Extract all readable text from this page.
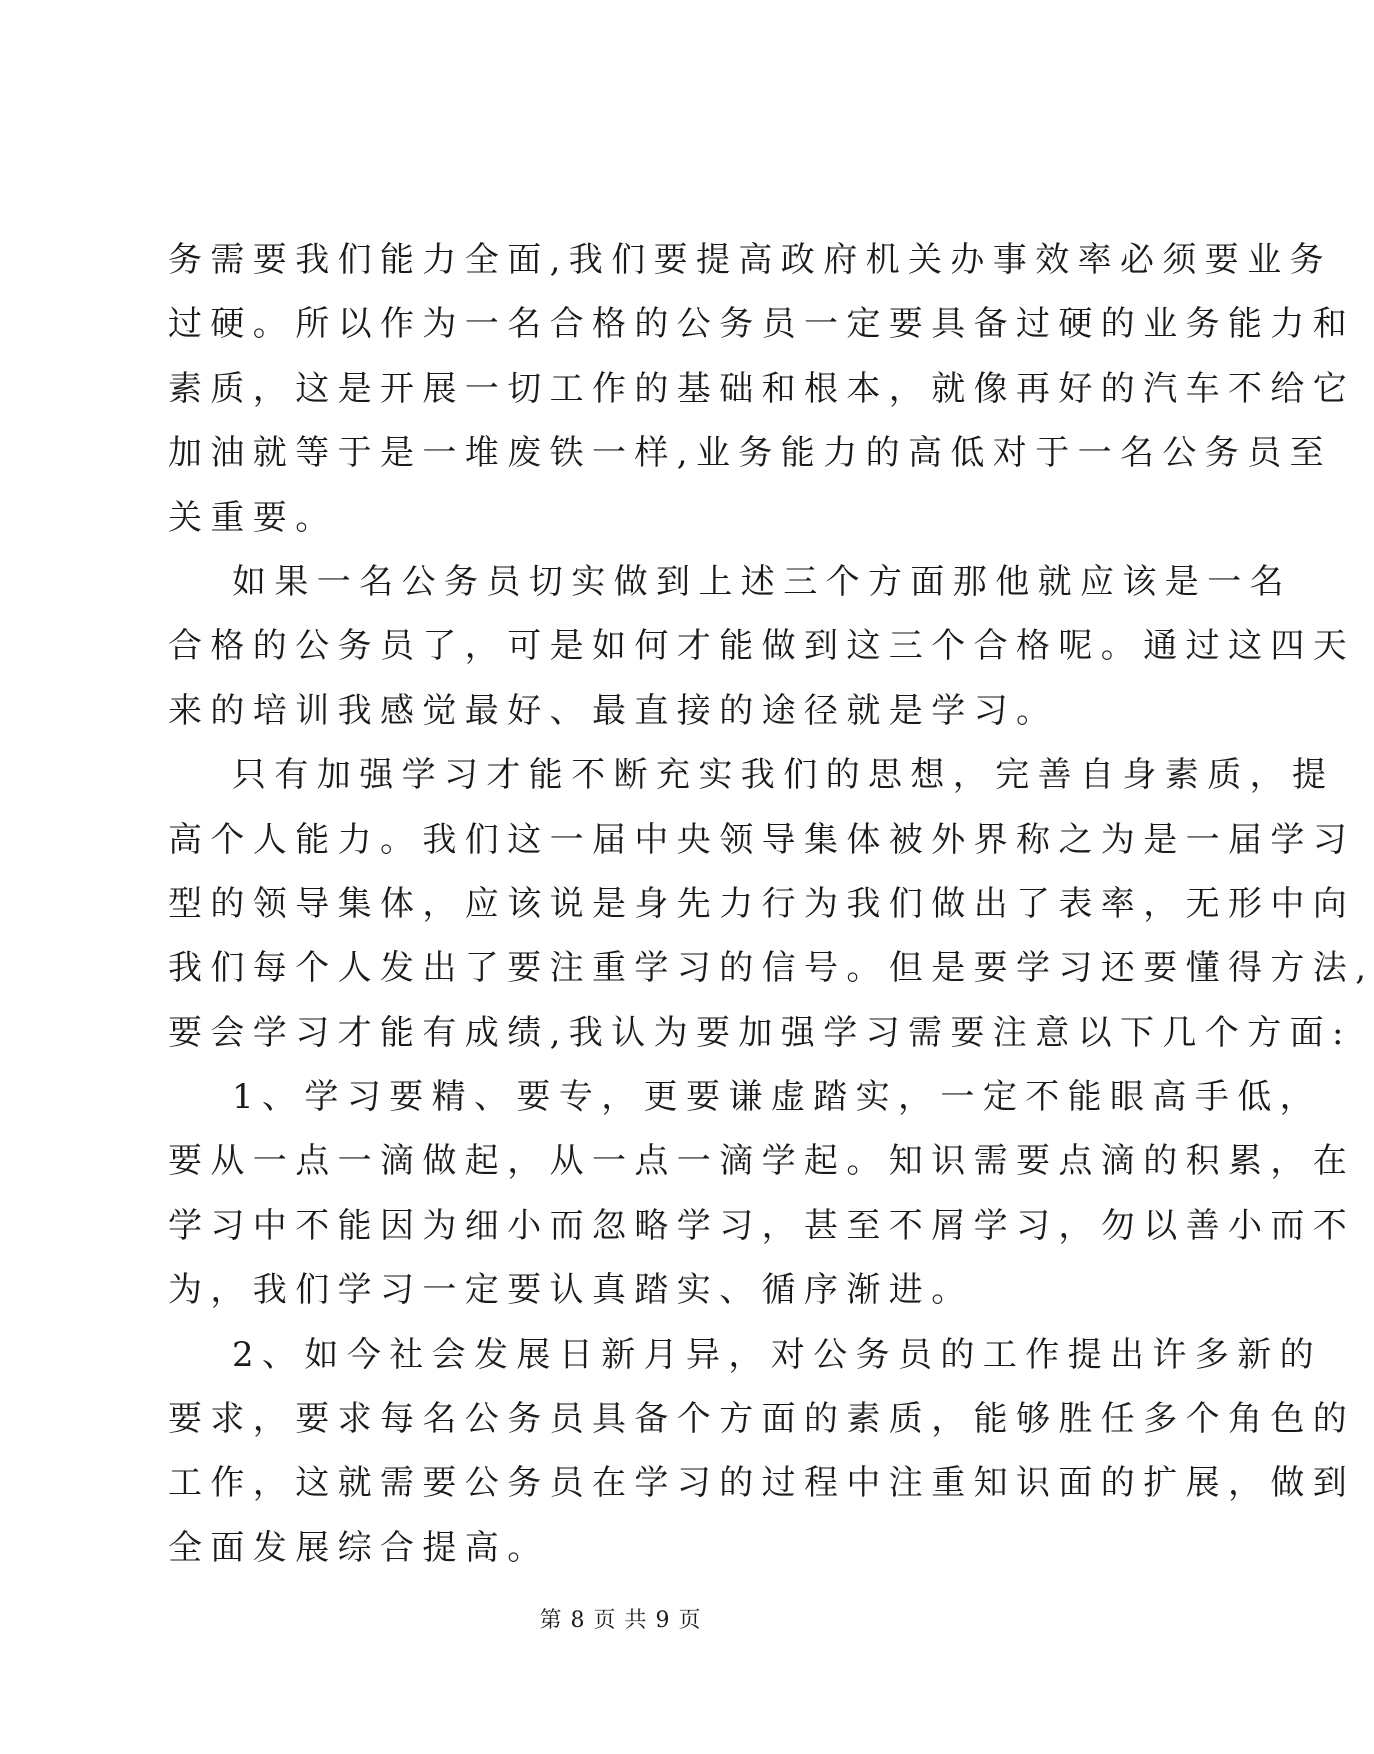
务需要我们能力全面,我们要提高政府机关办事效率必须要业务
过硬。所以作为一名合格的公务员一定要具备过硬的业务能力和
素质，这是开展一切工作的基础和根本，就像再好的汽车不给它
加油就等于是一堆废铁一样,业务能力的高低对于一名公务员至
关重要。
如果一名公务员切实做到上述三个方面那他就应该是一名
合格的公务员了，可是如何才能做到这三个合格呢。通过这四天
来的培训我感觉最好、最直接的途径就是学习。
只有加强学习才能不断充实我们的思想，完善自身素质，提
高个人能力。我们这一届中央领导集体被外界称之为是一届学习
型的领导集体，应该说是身先力行为我们做出了表率，无形中向
我们每个人发出了要注重学习的信号。但是要学习还要懂得方法,
要会学习才能有成绩,我认为要加强学习需要注意以下几个方面:
1、学习要精、要专，更要谦虚踏实，一定不能眼高手低，
要从一点一滴做起，从一点一滴学起。知识需要点滴的积累，在
学习中不能因为细小而忽略学习，甚至不屑学习，勿以善小而不
为，我们学习一定要认真踏实、循序渐进。
2、如今社会发展日新月异，对公务员的工作提出许多新的
要求，要求每名公务员具备个方面的素质，能够胜任多个角色的
工作，这就需要公务员在学习的过程中注重知识面的扩展，做到
全面发展综合提高。
第 8 页 共 9 页
